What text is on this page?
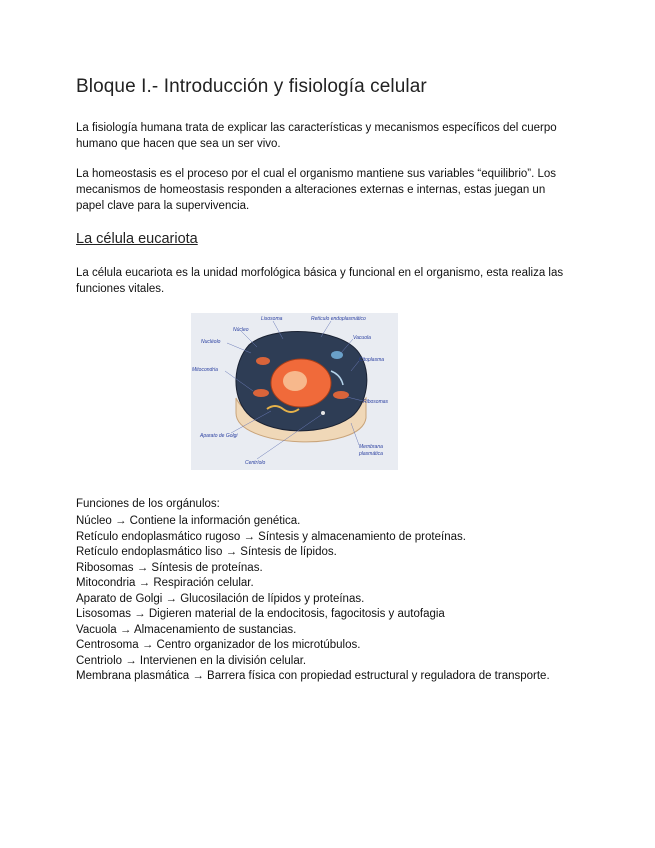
Bloque I.- Introducción y fisiología celular

La fisiología humana trata de explicar las características y mecanismos específicos del cuerpo humano que hacen que sea un ser vivo.

La homeostasis es el proceso por el cual el organismo mantiene sus variables “equilibrio”. Los mecanismos de homeostasis responden a alteraciones externas e internas, estas juegan un papel clave para la supervivencia.

La célula eucariota

La célula eucariota es la unidad morfológica básica y funcional en el organismo, esta realiza las funciones vitales.

Lisosoma	Retículo endoplasmático
Núcleo
Nucléolo
Vacuola
Citoplasma
Mitocondria
Ribosomas
Aparato de Golgi
Centríolo
Membrana
plasmática

Funciones de los orgánulos:

Núcleo → Contiene la información genética.
Retículo endoplasmático rugoso → Síntesis y almacenamiento de proteínas.
Retículo endoplasmático liso → Síntesis de lípidos.
Ribosomas → Síntesis de proteínas.
Mitocondria → Respiración celular.
Aparato de Golgi → Glucosilación de lípidos y proteínas.
Lisosomas → Digieren material de la endocitosis, fagocitosis y autofagia
Vacuola → Almacenamiento de sustancias.
Centrosoma → Centro organizador de los microtúbulos.
Centriolo → Intervienen en la división celular.
Membrana plasmática → Barrera física con propiedad estructural y reguladora de transporte.
